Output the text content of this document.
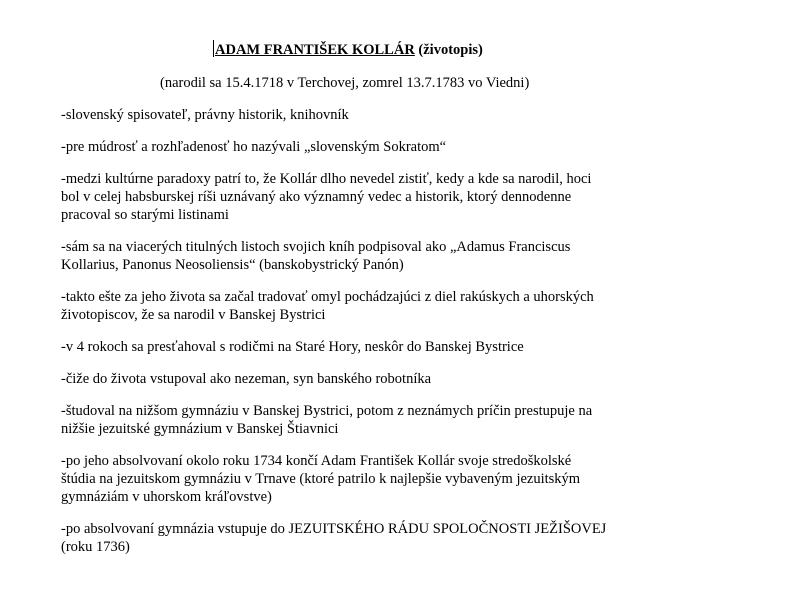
ADAM FRANTIŠEK KOLLÁR (životopis)
(narodil sa 15.4.1718 v Terchovej, zomrel 13.7.1783 vo Viedni)
-slovenský spisovateľ, právny historik, knihovník
-pre múdrosť a rozhľadenosť ho nazývali „slovenským Sokratom“
-medzi kultúrne paradoxy patrí to, že Kollár dlho nevedel zistiť, kedy a kde sa narodil, hoci
bol v celej habsburskej ríši uznávaný ako významný vedec a historik, ktorý dennodenne
pracoval so starými listinami
-sám sa na viacerých titulných listoch svojich kníh podpisoval ako „Adamus Franciscus
Kollarius, Panonus Neosoliensis“ (banskobystrický Panón)
-takto ešte za jeho života sa začal tradovať omyl pochádzajúci z diel rakúskych a uhorských
životopiscov, že sa narodil v Banskej Bystrici
-v 4 rokoch sa presťahoval s rodičmi na Staré Hory, neskôr do Banskej Bystrice
-čiže do života vstupoval ako nezeman, syn banského robotníka
-študoval na nižšom gymnáziu v Banskej Bystrici, potom z neznámych príčin prestupuje na
nižšie jezuitské gymnázium v Banskej Štiavnici
-po jeho absolvovaní okolo roku 1734 končí Adam František Kollár svoje stredoškolské
štúdia na jezuitskom gymnáziu v Trnave (ktoré patrilo k najlepšie vybaveným jezuitským
gymnáziám v uhorskom kráľovstve)
-po absolvovaní gymnázia vstupuje do JEZUITSKÉHO RÁDU SPOLOČNOSTI JEŽIŠOVEJ
(roku 1736)
